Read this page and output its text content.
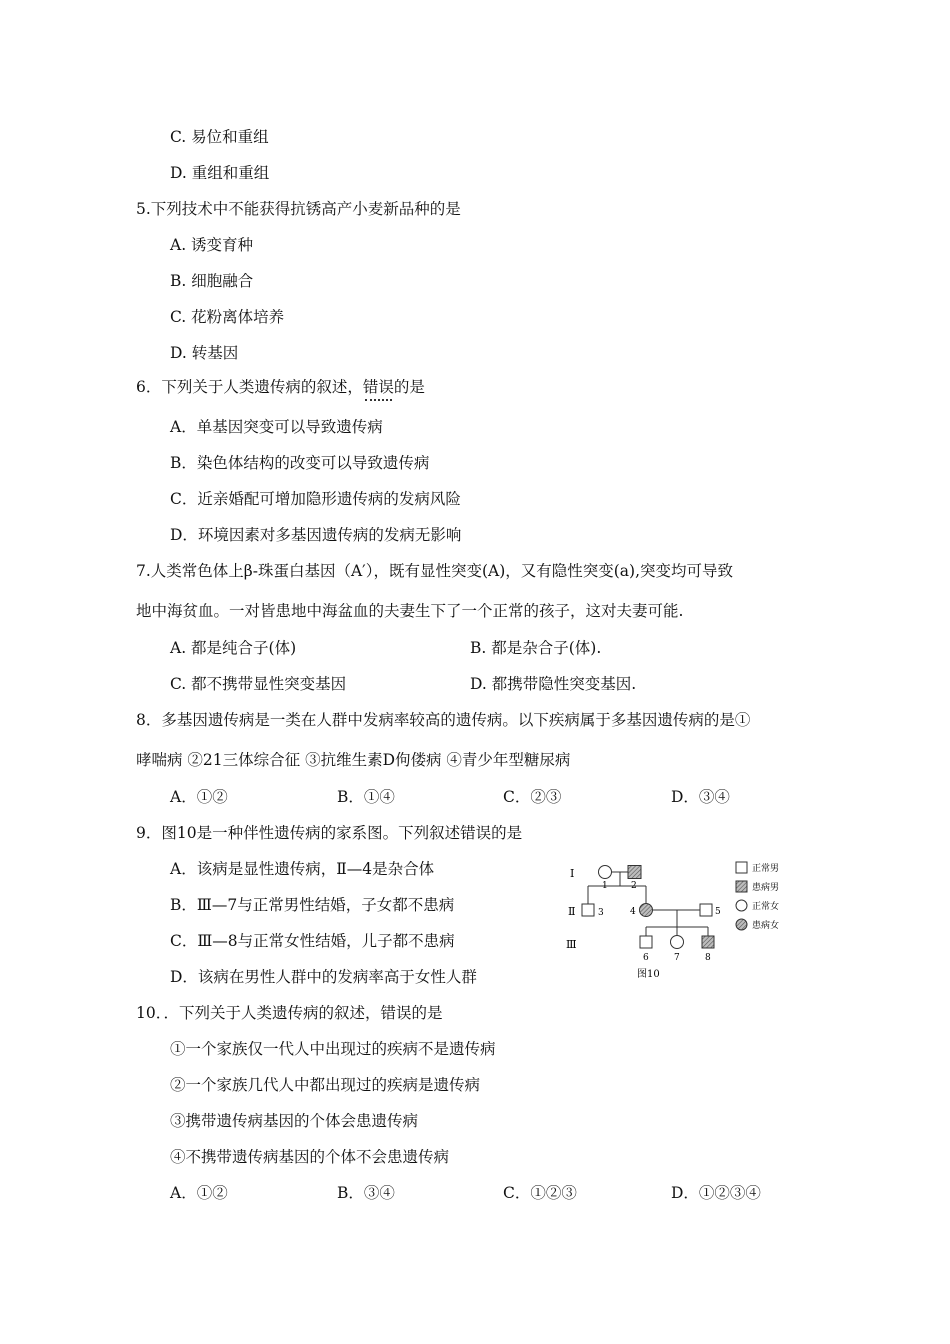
C. 易位和重组
D. 重组和重组
5.下列技术中不能获得抗锈高产小麦新品种的是
A. 诱变育种
B. 细胞融合
C. 花粉离体培养
D. 转基因
6．下列关于人类遗传病的叙述，错误的是
A．单基因突变可以导致遗传病
B．染色体结构的改变可以导致遗传病
C．近亲婚配可增加隐形遗传病的发病风险
D．环境因素对多基因遗传病的发病无影响
7.人类常色体上β-珠蛋白基因（A′），既有显性突变(A)，又有隐性突变(a),突变均可导致
地中海贫血。一对皆患地中海盆血的夫妻生下了一个正常的孩子，这对夫妻可能.
A. 都是纯合子(体)	B. 都是杂合子(体).
C. 都不携带显性突变基因	D. 都携带隐性突变基因.
8．多基因遗传病是一类在人群中发病率较高的遗传病。以下疾病属于多基因遗传病的是①
哮喘病 ②21三体综合征 ③抗维生素D佝偻病 ④青少年型糖尿病
A．①②	B．①④	C．②③	D．③④
9．图10是一种伴性遗传病的家系图。下列叙述错误的是
A．该病是显性遗传病，Ⅱ—4是杂合体
B．Ⅲ—7与正常男性结婚，子女都不患病
C．Ⅲ—8与正常女性结婚，儿子都不患病
D．该病在男性人群中的发病率高于女性人群
Ⅰ
Ⅱ
Ⅲ
1	2
3	4	5
6	7	8
图10
正常男
患病男
正常女
患病女
10．．下列关于人类遗传病的叙述，错误的是
①一个家族仅一代人中出现过的疾病不是遗传病
②一个家族几代人中都出现过的疾病是遗传病
③携带遗传病基因的个体会患遗传病
④不携带遗传病基因的个体不会患遗传病
A．①②	B．③④	C．①②③	D．①②③④
